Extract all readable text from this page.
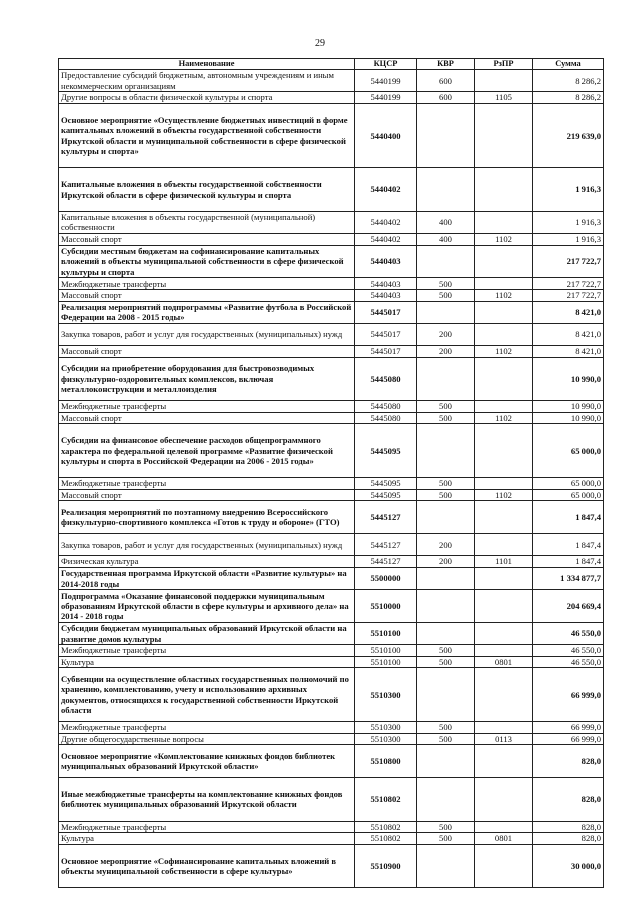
29
Наименование	КЦСР	КВР	РзПР	Сумма
Предоставление субсидий бюджетным, автономным учреждениям и иным некоммерческим организациям	5440199	600		8 286,2
Другие вопросы в области физической культуры и спорта	5440199	600	1105	8 286,2
Основное мероприятие «Осуществление бюджетных инвестиций в форме капитальных вложений в объекты государственной собственности Иркутской области и муниципальной собственности в сфере физической культуры и спорта»	5440400			219 639,0
Капитальные вложения в объекты государственной собственности Иркутской области в сфере физической культуры и спорта	5440402			1 916,3
Капитальные вложения в объекты государственной (муниципальной) собственности	5440402	400		1 916,3
Массовый спорт	5440402	400	1102	1 916,3
Субсидии местным бюджетам на софинансирование капитальных вложений в объекты муниципальной собственности в сфере физической культуры и спорта	5440403			217 722,7
Межбюджетные трансферты	5440403	500		217 722,7
Массовый спорт	5440403	500	1102	217 722,7
Реализация мероприятий подпрограммы «Развитие футбола в Российской Федерации на 2008 - 2015 годы»	5445017			8 421,0
Закупка товаров, работ и услуг для государственных (муниципальных) нужд	5445017	200		8 421,0
Массовый спорт	5445017	200	1102	8 421,0
Субсидии на приобретение оборудования для быстровозводимых физкультурно-оздоровительных комплексов, включая металлоконструкции и металлоизделия	5445080			10 990,0
Межбюджетные трансферты	5445080	500		10 990,0
Массовый спорт	5445080	500	1102	10 990,0
Субсидии на финансовое обеспечение расходов общепрограммного характера по федеральной целевой программе «Развитие физической культуры и спорта в Российской Федерации на 2006 - 2015 годы»	5445095			65 000,0
Межбюджетные трансферты	5445095	500		65 000,0
Массовый спорт	5445095	500	1102	65 000,0
Реализация мероприятий по поэтапному внедрению Всероссийского физкультурно-спортивного комплекса «Готов к труду и обороне» (ГТО)	5445127			1 847,4
Закупка товаров, работ и услуг для государственных (муниципальных) нужд	5445127	200		1 847,4
Физическая культура	5445127	200	1101	1 847,4
Государственная программа Иркутской области «Развитие культуры» на 2014-2018 годы	5500000			1 334 877,7
Подпрограмма «Оказание финансовой поддержки муниципальным образованиям Иркутской области в сфере культуры и архивного дела» на 2014 - 2018 годы	5510000			204 669,4
Субсидии бюджетам муниципальных образований Иркутской области на развитие домов культуры	5510100			46 550,0
Межбюджетные трансферты	5510100	500		46 550,0
Культура	5510100	500	0801	46 550,0
Субвенции на осуществление областных государственных полномочий по хранению, комплектованию, учету и использованию архивных документов, относящихся к государственной собственности Иркутской области	5510300			66 999,0
Межбюджетные трансферты	5510300	500		66 999,0
Другие общегосударственные вопросы	5510300	500	0113	66 999,0
Основное мероприятие «Комплектование книжных фондов библиотек муниципальных образований Иркутской области»	5510800			828,0
Иные межбюджетные трансферты на комплектование книжных фондов библиотек муниципальных образований Иркутской области	5510802			828,0
Межбюджетные трансферты	5510802	500		828,0
Культура	5510802	500	0801	828,0
Основное мероприятие «Софинансирование капитальных вложений в объекты муниципальной собственности в сфере культуры»	5510900			30 000,0
